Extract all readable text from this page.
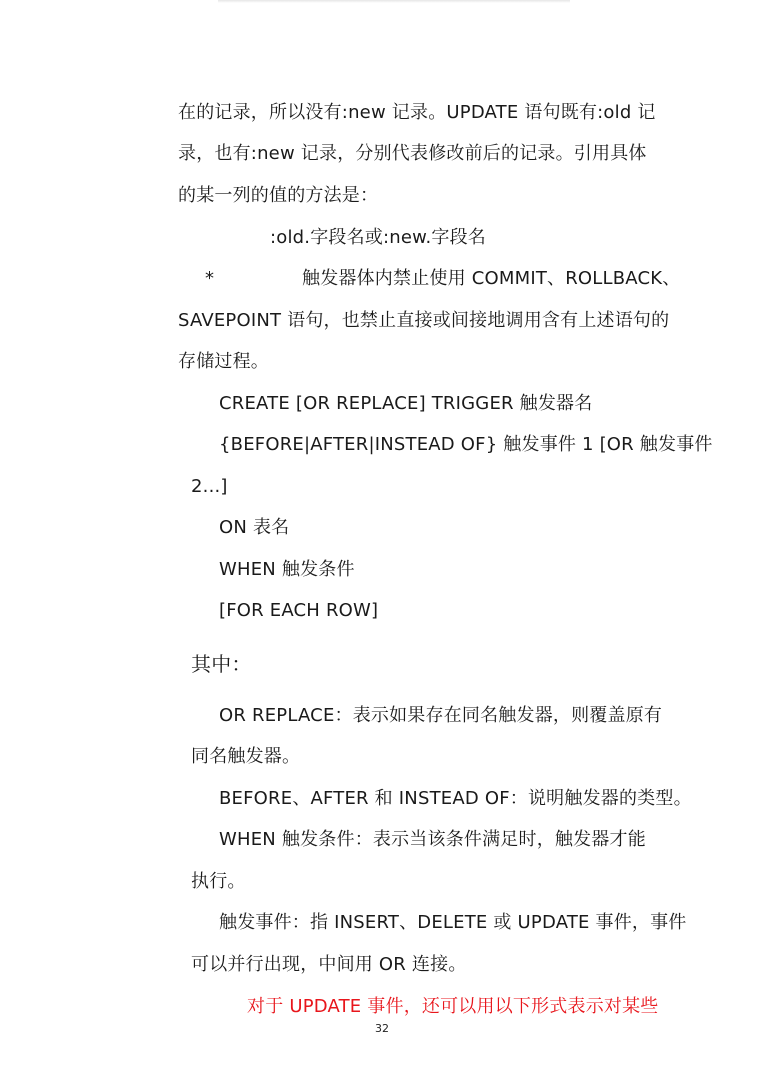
在的记录，所以没有:new 记录。UPDATE 语句既有:old 记
录，也有:new 记录，分别代表修改前后的记录。引用具体
的某一列的值的方法是：
:old.字段名或:new.字段名
*	触发器体内禁止使用 COMMIT、ROLLBACK、
SAVEPOINT 语句，也禁止直接或间接地调用含有上述语句的
存储过程。
CREATE [OR REPLACE] TRIGGER 触发器名
{BEFORE|AFTER|INSTEAD OF} 触发事件 1 [OR 触发事件
2...]
ON 表名
WHEN 触发条件
[FOR EACH ROW]
其中：
OR REPLACE：表示如果存在同名触发器，则覆盖原有
同名触发器。
BEFORE、AFTER 和 INSTEAD OF：说明触发器的类型。
WHEN 触发条件：表示当该条件满足时，触发器才能
执行。
触发事件：指 INSERT、DELETE 或 UPDATE 事件，事件
可以并行出现，中间用 OR 连接。
对于 UPDATE 事件，还可以用以下形式表示对某些
32
